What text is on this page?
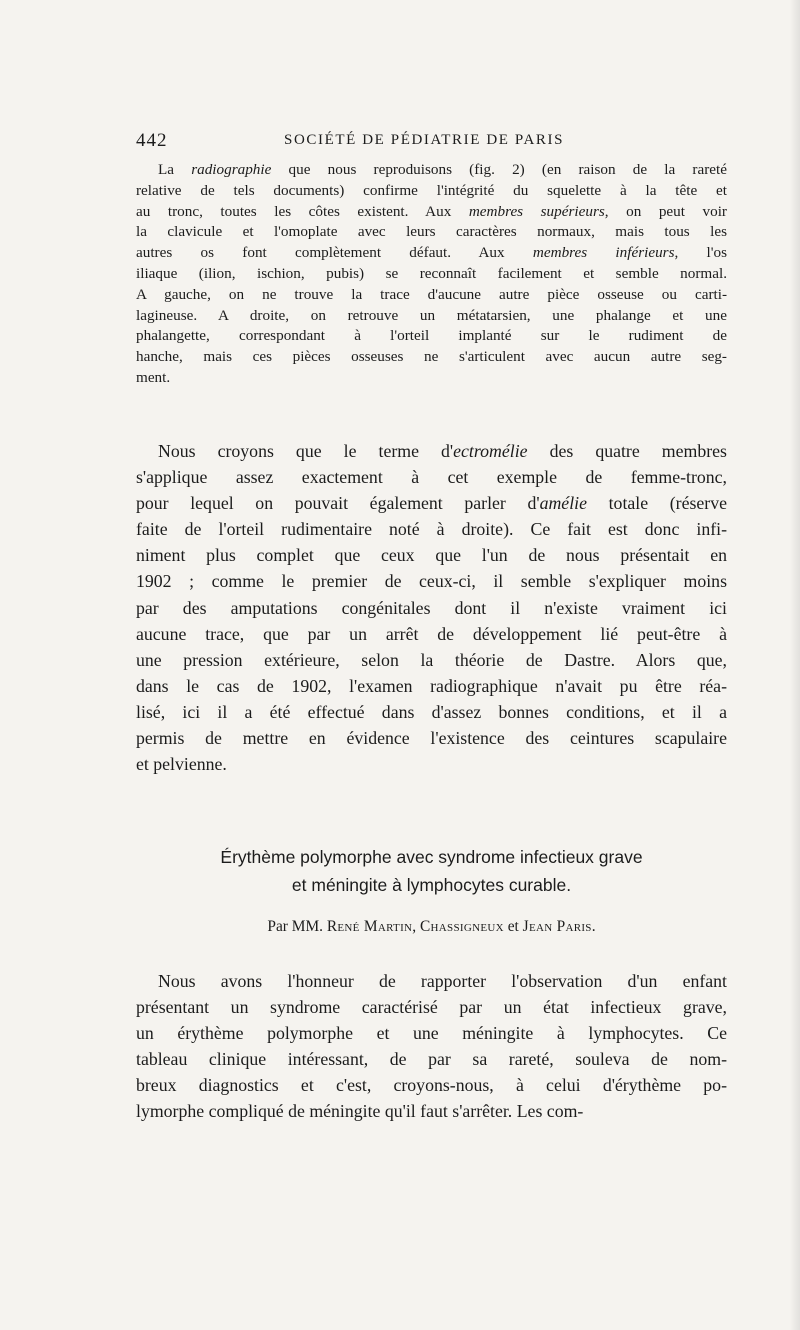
442	SOCIÉTÉ DE PÉDIATRIE DE PARIS
La radiographie que nous reproduisons (fig. 2) (en raison de la rareté
relative de tels documents) confirme l'intégrité du squelette à la tête et
au tronc, toutes les côtes existent. Aux membres supérieurs, on peut voir
la clavicule et l'omoplate avec leurs caractères normaux, mais tous les
autres os font complètement défaut. Aux membres inférieurs, l'os
iliaque (ilion, ischion, pubis) se reconnaît facilement et semble normal.
A gauche, on ne trouve la trace d'aucune autre pièce osseuse ou carti-
lagineuse. A droite, on retrouve un métatarsien, une phalange et une
phalangette, correspondant à l'orteil implanté sur le rudiment de
hanche, mais ces pièces osseuses ne s'articulent avec aucun autre seg-
ment.
Nous croyons que le terme d'ectromélie des quatre membres
s'applique assez exactement à cet exemple de femme-tronc,
pour lequel on pouvait également parler d'amélie totale (réserve
faite de l'orteil rudimentaire noté à droite). Ce fait est donc infi-
niment plus complet que ceux que l'un de nous présentait en
1902 ; comme le premier de ceux-ci, il semble s'expliquer moins
par des amputations congénitales dont il n'existe vraiment ici
aucune trace, que par un arrêt de développement lié peut-être à
une pression extérieure, selon la théorie de Dastre. Alors que,
dans le cas de 1902, l'examen radiographique n'avait pu être réa-
lisé, ici il a été effectué dans d'assez bonnes conditions, et il a
permis de mettre en évidence l'existence des ceintures scapulaire
et pelvienne.
Érythème polymorphe avec syndrome infectieux grave
et méningite à lymphocytes curable.
Par MM. René Martin, Chassigneux et Jean Paris.
Nous avons l'honneur de rapporter l'observation d'un enfant
présentant un syndrome caractérisé par un état infectieux grave,
un érythème polymorphe et une méningite à lymphocytes. Ce
tableau clinique intéressant, de par sa rareté, souleva de nom-
breux diagnostics et c'est, croyons-nous, à celui d'érythème po-
lymorphe compliqué de méningite qu'il faut s'arrêter. Les com-
